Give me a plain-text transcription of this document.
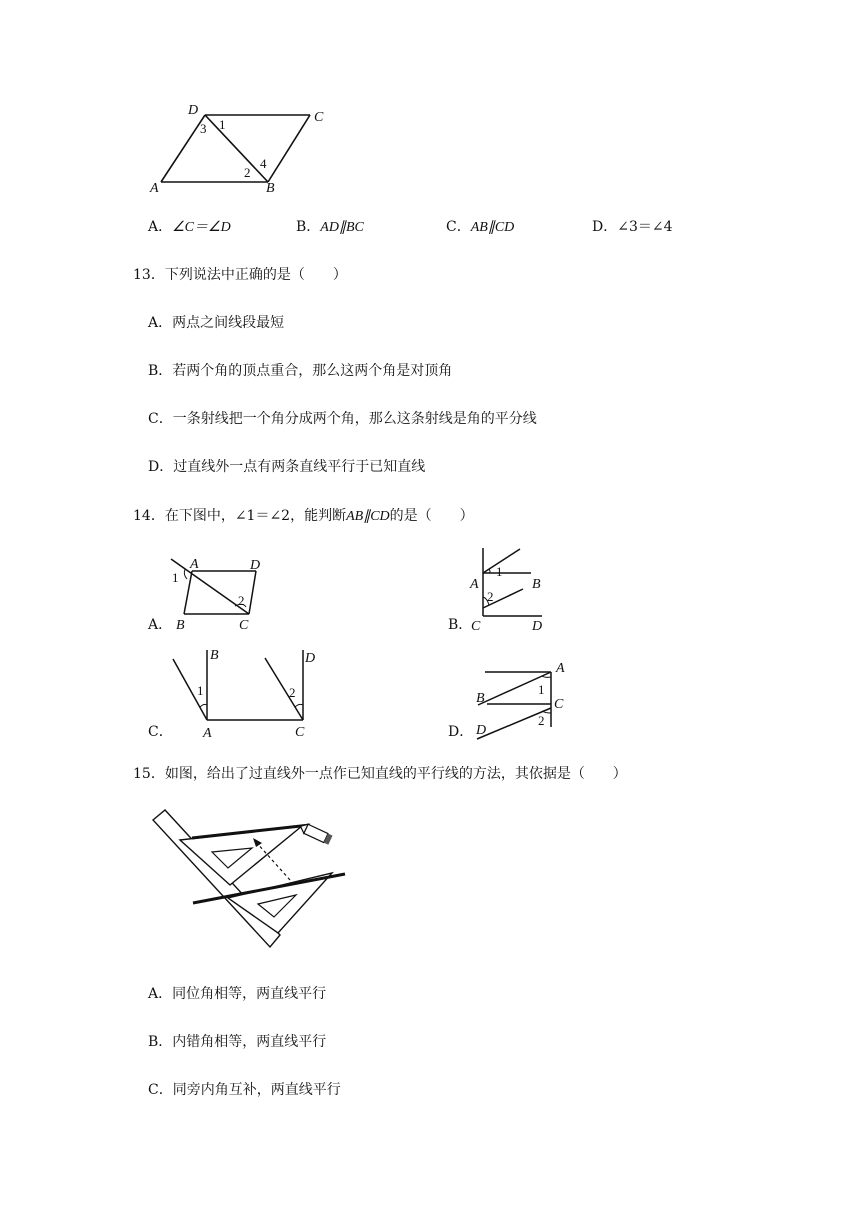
D	C
A	B
1
3
2
4
A．∠C＝∠D	B．AD∥BC	C．AB∥CD	D．∠3＝∠4
13．下列说法中正确的是（　　）
A．两点之间线段最短
B．若两个角的顶点重合，那么这两个角是对顶角
C．一条射线把一个角分成两个角，那么这条射线是角的平分线
D．过直线外一点有两条直线平行于已知直线
14．在下图中，∠1＝∠2，能判断AB∥CD的是（　　）
A．
A	D
B	C
1
2
B．
A	B
C	D
1
2
C．
B	D
A	C
1	2
D．
A
B	C
D
1
2
15．如图，给出了过直线外一点作已知直线的平行线的方法，其依据是（　　）
A．同位角相等，两直线平行
B．内错角相等，两直线平行
C．同旁内角互补，两直线平行
